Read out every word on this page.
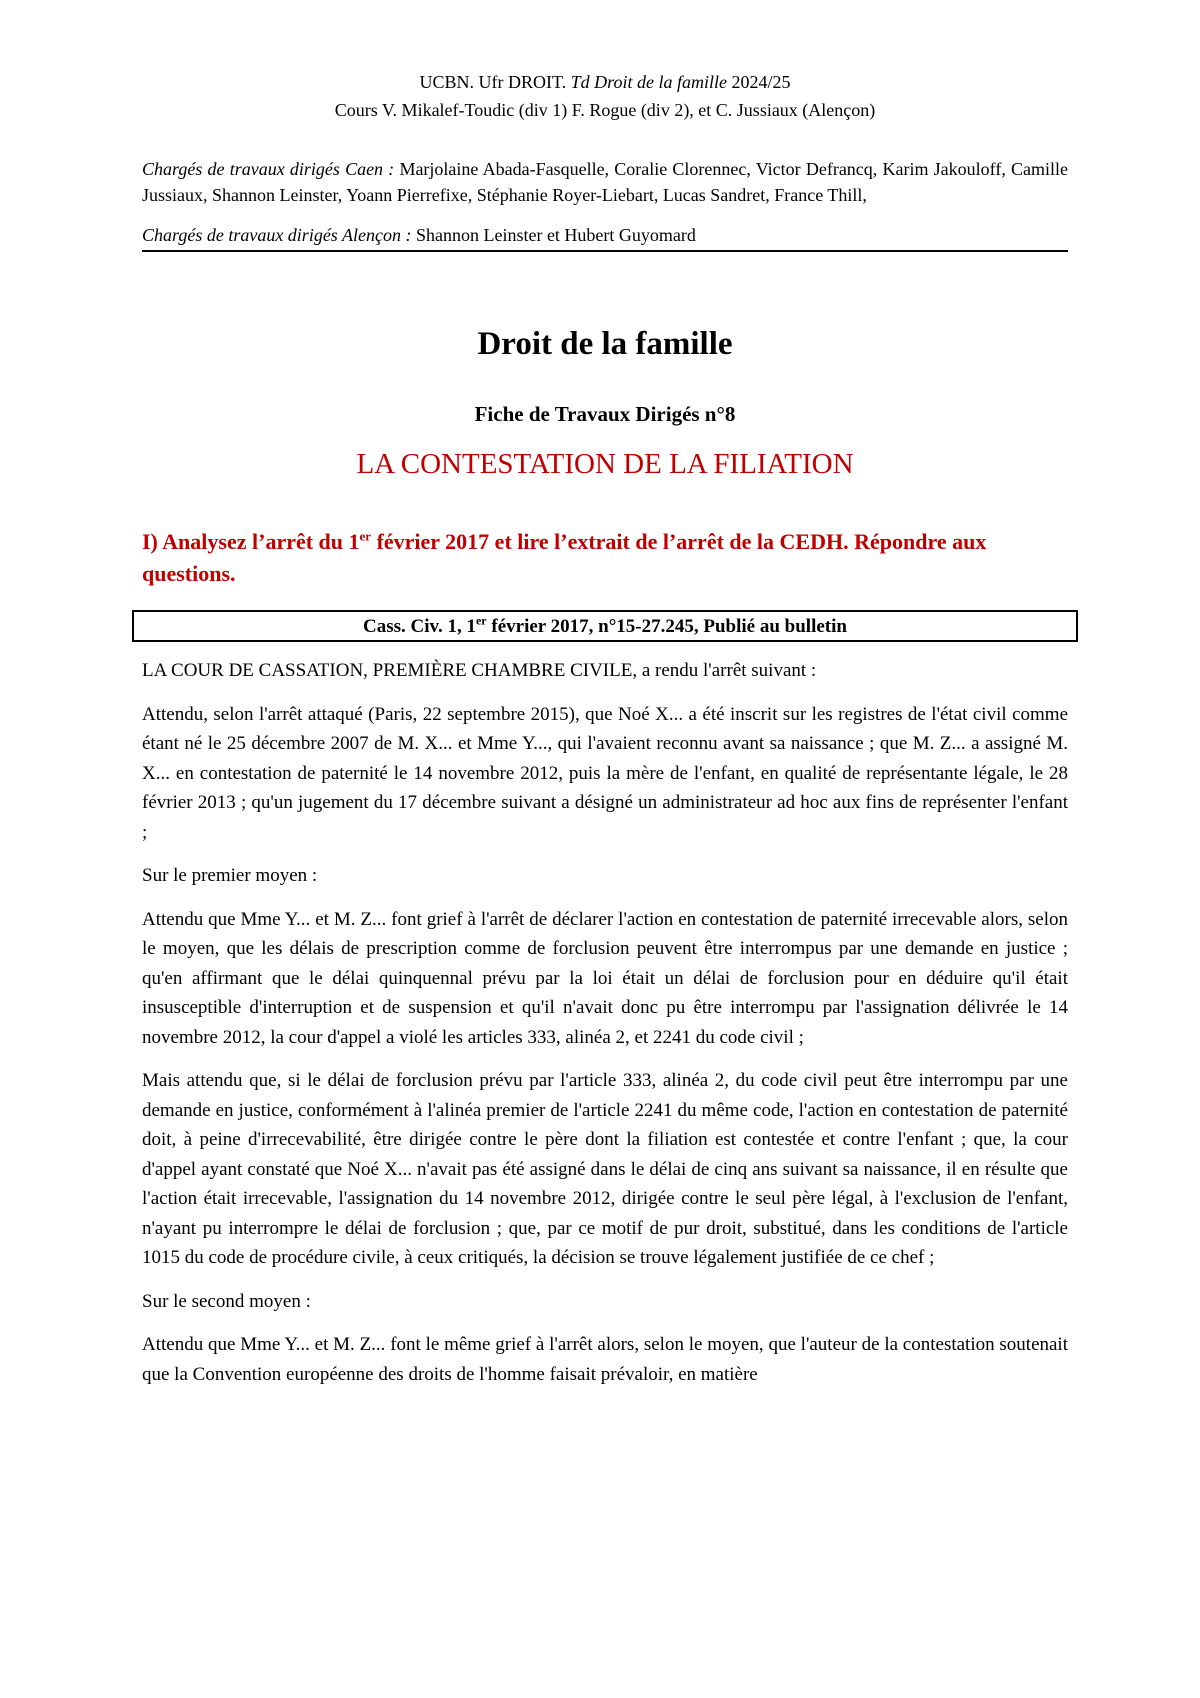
UCBN. Ufr DROIT. Td Droit de la famille 2024/25
Cours V. Mikalef-Toudic (div 1) F. Rogue (div 2), et C. Jussiaux (Alençon)
Chargés de travaux dirigés Caen : Marjolaine Abada-Fasquelle, Coralie Clorennec, Victor Defrancq, Karim Jakouloff, Camille Jussiaux, Shannon Leinster, Yoann Pierrefixe, Stéphanie Royer-Liebart, Lucas Sandret, France Thill,
Chargés de travaux dirigés Alençon : Shannon Leinster et Hubert Guyomard
Droit de la famille
Fiche de Travaux Dirigés n°8
LA CONTESTATION DE LA FILIATION
I) Analysez l’arrêt du 1er février 2017 et lire l’extrait de l’arrêt de la CEDH. Répondre aux questions.
Cass. Civ. 1, 1er février 2017, n°15-27.245, Publié au bulletin
LA COUR DE CASSATION, PREMIÈRE CHAMBRE CIVILE, a rendu l'arrêt suivant :
Attendu, selon l'arrêt attaqué (Paris, 22 septembre 2015), que Noé X... a été inscrit sur les registres de l'état civil comme étant né le 25 décembre 2007 de M. X... et Mme Y..., qui l'avaient reconnu avant sa naissance ; que M. Z... a assigné M. X... en contestation de paternité le 14 novembre 2012, puis la mère de l'enfant, en qualité de représentante légale, le 28 février 2013 ; qu'un jugement du 17 décembre suivant a désigné un administrateur ad hoc aux fins de représenter l'enfant ;
Sur le premier moyen :
Attendu que Mme Y... et M. Z... font grief à l'arrêt de déclarer l'action en contestation de paternité irrecevable alors, selon le moyen, que les délais de prescription comme de forclusion peuvent être interrompus par une demande en justice ; qu'en affirmant que le délai quinquennal prévu par la loi était un délai de forclusion pour en déduire qu'il était insusceptible d'interruption et de suspension et qu'il n'avait donc pu être interrompu par l'assignation délivrée le 14 novembre 2012, la cour d'appel a violé les articles 333, alinéa 2, et 2241 du code civil ;
Mais attendu que, si le délai de forclusion prévu par l'article 333, alinéa 2, du code civil peut être interrompu par une demande en justice, conformément à l'alinéa premier de l'article 2241 du même code, l'action en contestation de paternité doit, à peine d'irrecevabilité, être dirigée contre le père dont la filiation est contestée et contre l'enfant ; que, la cour d'appel ayant constaté que Noé X... n'avait pas été assigné dans le délai de cinq ans suivant sa naissance, il en résulte que l'action était irrecevable, l'assignation du 14 novembre 2012, dirigée contre le seul père légal, à l'exclusion de l'enfant, n'ayant pu interrompre le délai de forclusion ; que, par ce motif de pur droit, substitué, dans les conditions de l'article 1015 du code de procédure civile, à ceux critiqués, la décision se trouve légalement justifiée de ce chef ;
Sur le second moyen :
Attendu que Mme Y... et M. Z... font le même grief à l'arrêt alors, selon le moyen, que l'auteur de la contestation soutenait que la Convention européenne des droits de l'homme faisait prévaloir, en matière
